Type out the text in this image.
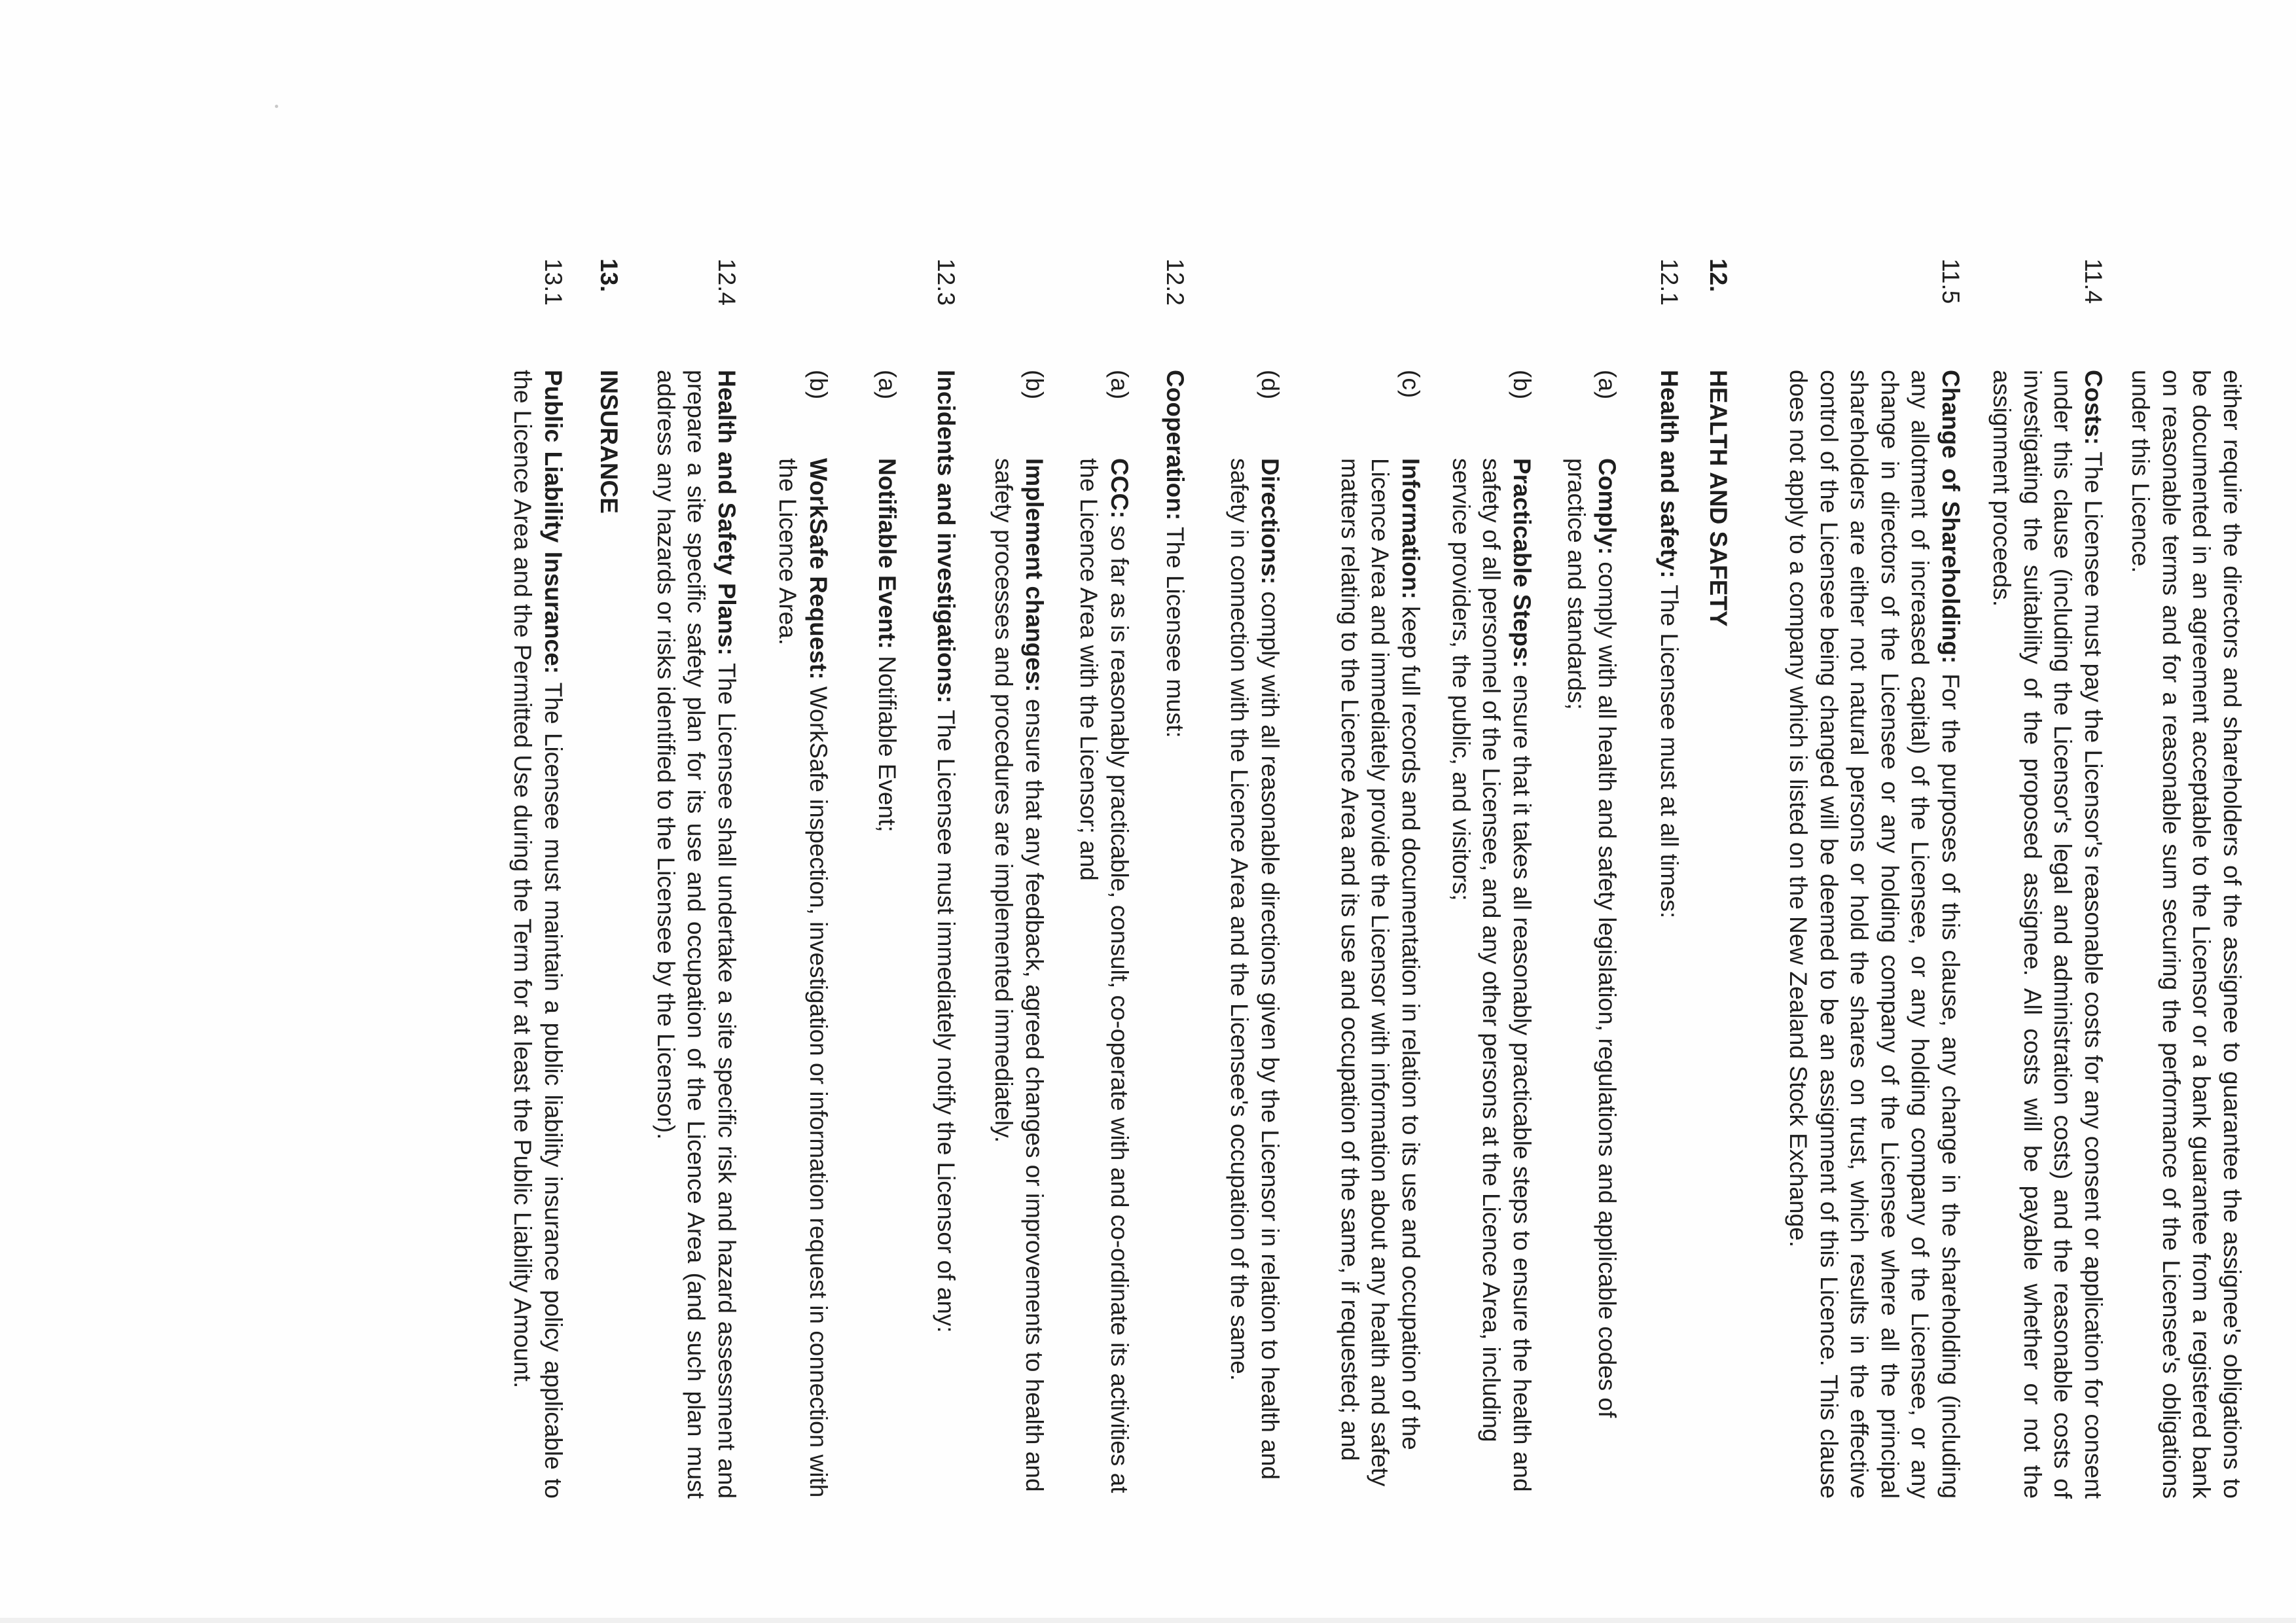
either require the directors and shareholders of the assignee to guarantee the assignee's obligations to be documented in an agreement acceptable to the Licensor or a bank guarantee from a registered bank on reasonable terms and for a reasonable sum securing the performance of the Licensee's obligations under this Licence.

11.4

Costs: The Licensee must pay the Licensor's reasonable costs for any consent or application for consent under this clause (including the Licensor's legal and administration costs) and the reasonable costs of investigating the suitability of the proposed assignee. All costs will be payable whether or not the assignment proceeds.

11.5

Change of Shareholding: For the purposes of this clause, any change in the shareholding (including any allotment of increased capital) of the Licensee, or any holding company of the Licensee, or any change in directors of the Licensee or any holding company of the Licensee where all the principal shareholders are either not natural persons or hold the shares on trust, which results in the effective control of the Licensee being changed will be deemed to be an assignment of this Licence. This clause does not apply to a company which is listed on the New Zealand Stock Exchange.

12.

HEALTH AND SAFETY

12.1

Health and safety: The Licensee must at all times:

(a)

Comply: comply with all health and safety legislation, regulations and applicable codes of practice and standards;

(b)

Practicable Steps: ensure that it takes all reasonably practicable steps to ensure the health and safety of all personnel of the Licensee, and any other persons at the Licence Area, including service providers, the public, and visitors;

(c)

Information: keep full records and documentation in relation to its use and occupation of the Licence Area and immediately provide the Licensor with information about any health and safety matters relating to the Licence Area and its use and occupation of the same, if requested; and

(d)

Directions: comply with all reasonable directions given by the Licensor in relation to health and safety in connection with the Licence Area and the Licensee's occupation of the same.

12.2

Cooperation: The Licensee must:

(a)

CCC: so far as is reasonably practicable, consult, co-operate with and co-ordinate its activities at the Licence Area with the Licensor; and

(b)

Implement changes: ensure that any feedback, agreed changes or improvements to health and safety processes and procedures are implemented immediately.

12.3

Incidents and investigations: The Licensee must immediately notify the Licensor of any:

(a)

Notifiable Event: Notifiable Event;

(b)

WorkSafe Request: WorkSafe inspection, investigation or information request in connection with the Licence Area.

12.4

Health and Safety Plans: The Licensee shall undertake a site specific risk and hazard assessment and prepare a site specific safety plan for its use and occupation of the Licence Area (and such plan must address any hazards or risks identified to the Licensee by the Licensor).

13.

INSURANCE

13.1

Public Liability Insurance: The Licensee must maintain a public liability insurance policy applicable to the Licence Area and the Permitted Use during the Term for at least the Public Liability Amount.
